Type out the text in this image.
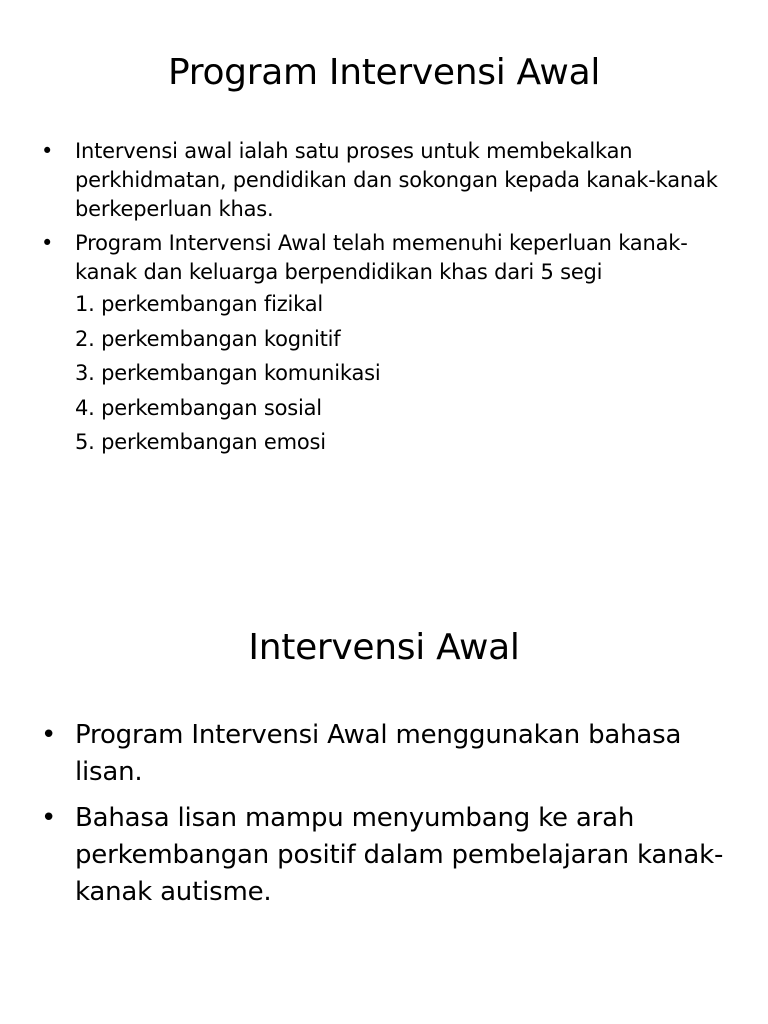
Program Intervensi Awal
• Intervensi awal ialah satu proses untuk membekalkan perkhidmatan, pendidikan dan sokongan kepada kanak-kanak berkeperluan khas.
• Program Intervensi Awal telah memenuhi keperluan kanak-kanak dan keluarga berpendidikan khas dari 5 segi
1. perkembangan fizikal
2. perkembangan kognitif
3. perkembangan komunikasi
4. perkembangan sosial
5. perkembangan emosi
Intervensi Awal
• Program Intervensi Awal menggunakan bahasa lisan.
• Bahasa lisan mampu menyumbang ke arah perkembangan positif dalam pembelajaran kanak-kanak autisme.
